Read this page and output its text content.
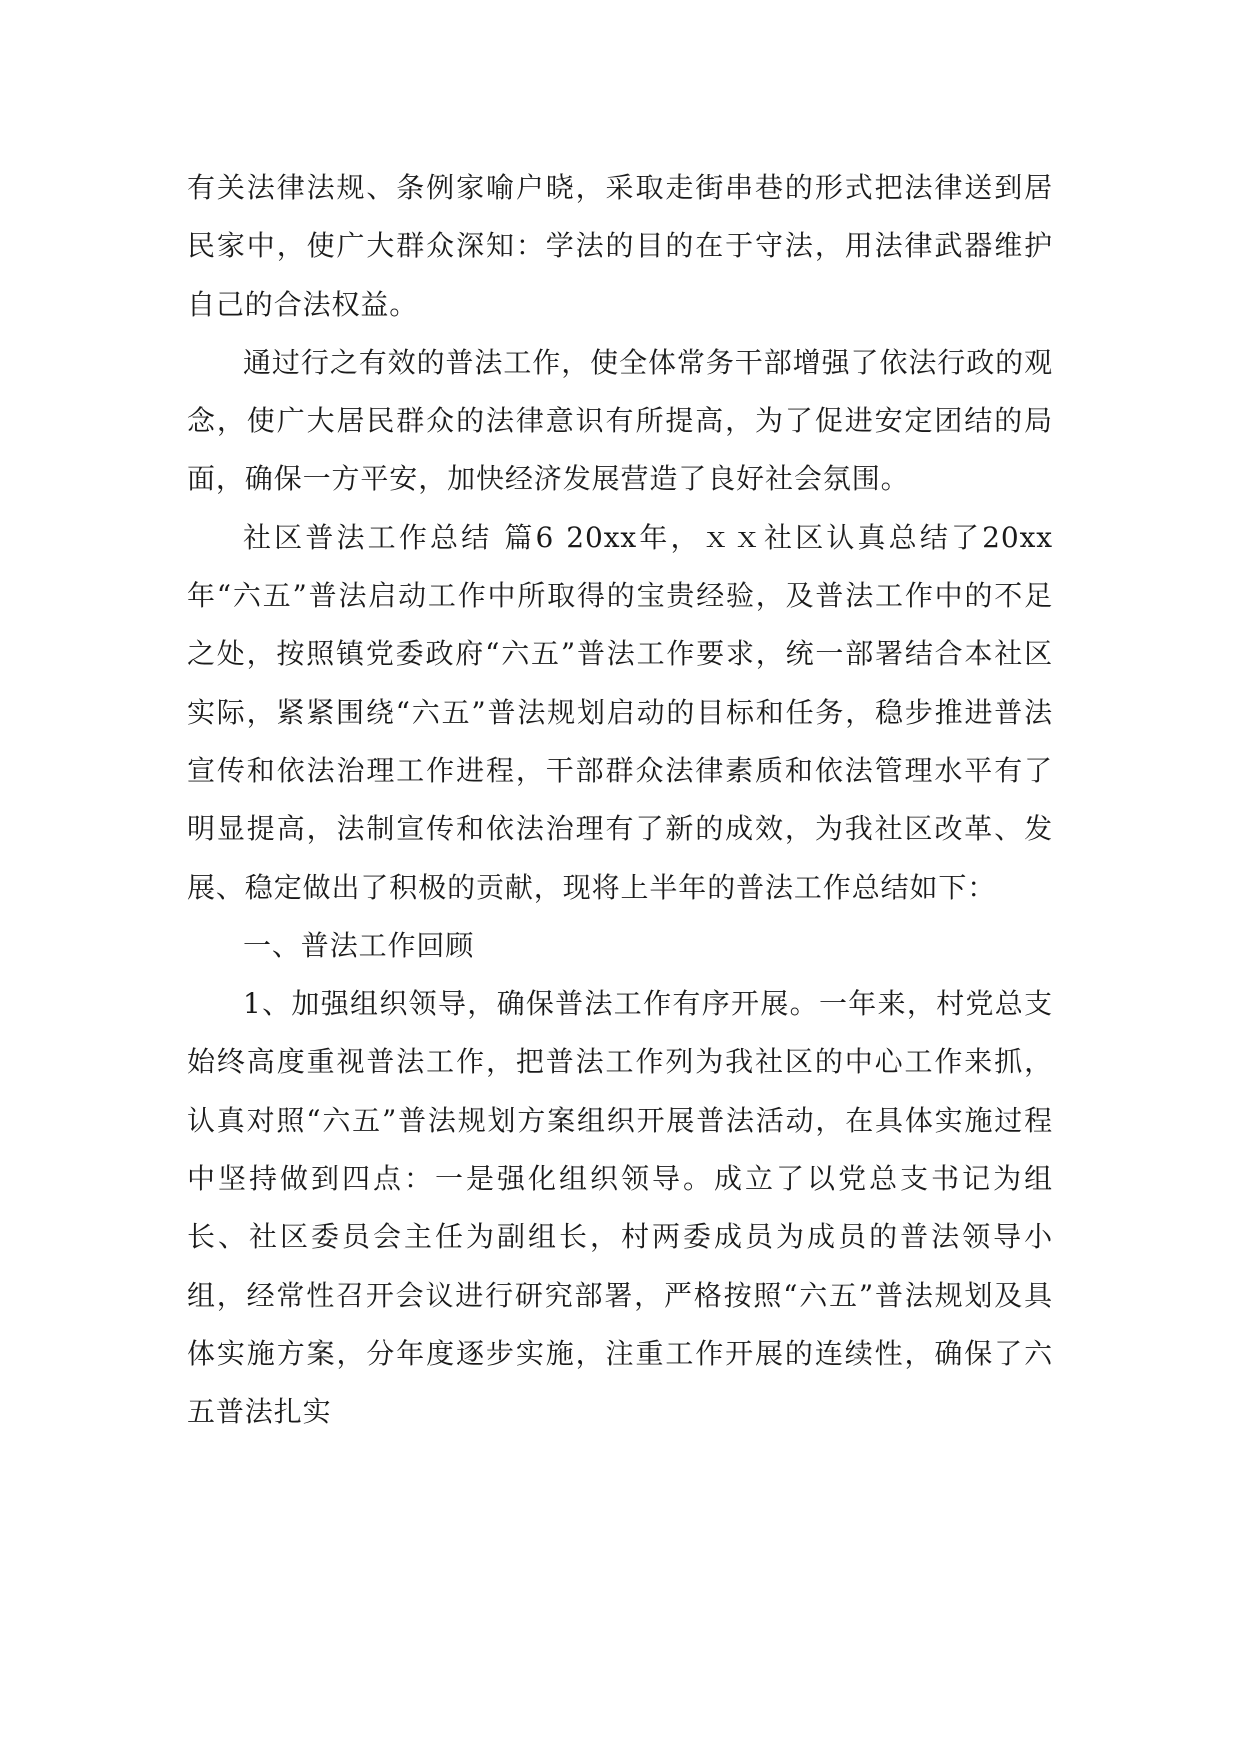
有关法律法规、条例家喻户晓，采取走街串巷的形式把法律送到居民家中，使广大群众深知：学法的目的在于守法，用法律武器维护自己的合法权益。

通过行之有效的普法工作，使全体常务干部增强了依法行政的观念，使广大居民群众的法律意识有所提高，为了促进安定团结的局面，确保一方平安，加快经济发展营造了良好社会氛围。

社区普法工作总结 篇6 20xx年，ｘｘ社区认真总结了20xx年“六五”普法启动工作中所取得的宝贵经验，及普法工作中的不足之处，按照镇党委政府“六五”普法工作要求，统一部署结合本社区实际，紧紧围绕“六五”普法规划启动的目标和任务，稳步推进普法宣传和依法治理工作进程，干部群众法律素质和依法管理水平有了明显提高，法制宣传和依法治理有了新的成效，为我社区改革、发展、稳定做出了积极的贡献，现将上半年的普法工作总结如下：

一、普法工作回顾

1、加强组织领导，确保普法工作有序开展。一年来，村党总支始终高度重视普法工作，把普法工作列为我社区的中心工作来抓，认真对照“六五”普法规划方案组织开展普法活动，在具体实施过程中坚持做到四点：一是强化组织领导。成立了以党总支书记为组长、社区委员会主任为副组长，村两委成员为成员的普法领导小组，经常性召开会议进行研究部署，严格按照“六五”普法规划及具体实施方案，分年度逐步实施，注重工作开展的连续性，确保了六五普法扎实
